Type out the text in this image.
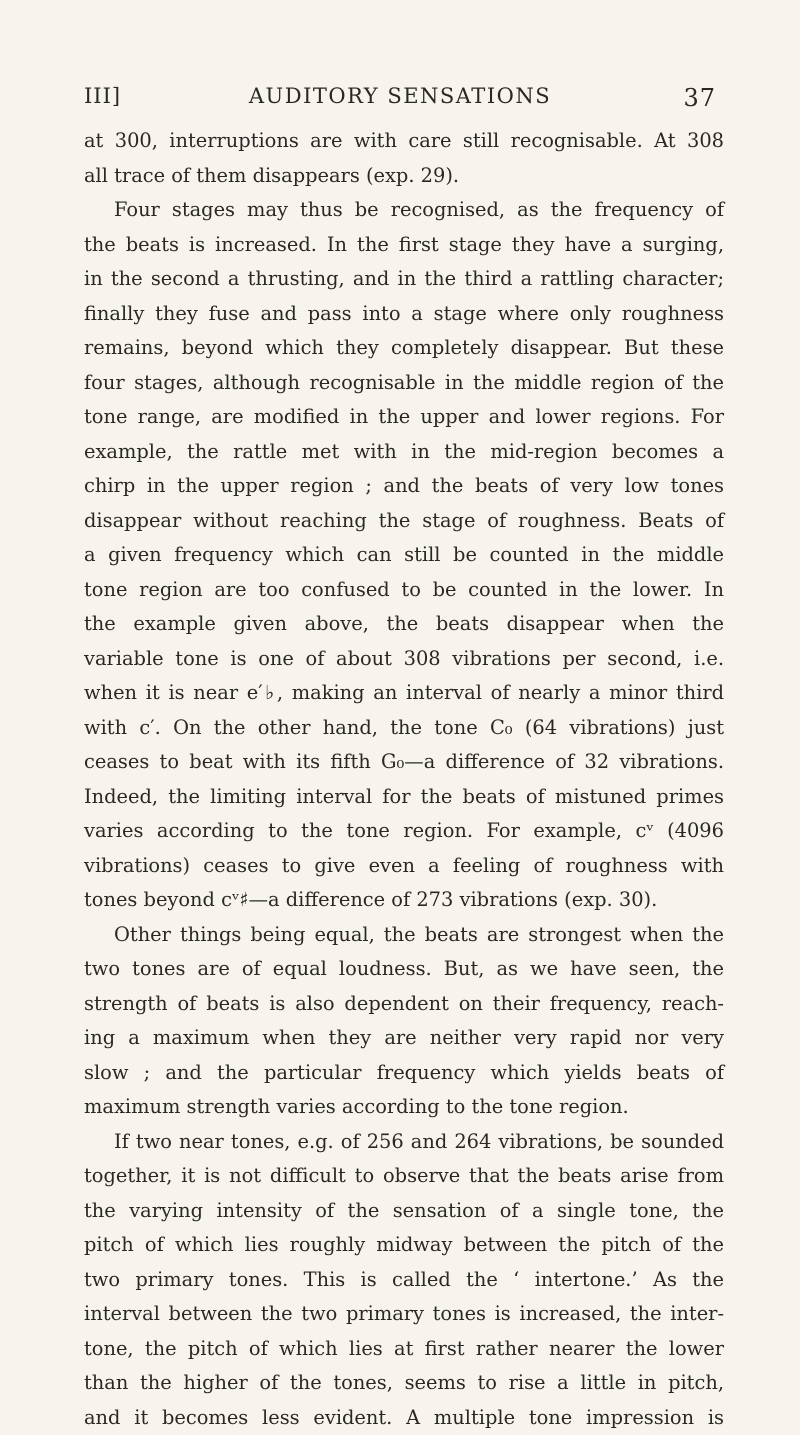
III]	AUDITORY SENSATIONS	37
at 300, interruptions are with care still recognisable. At 308
all trace of them disappears (exp. 29).
Four stages may thus be recognised, as the frequency of
the beats is increased. In the first stage they have a surging,
in the second a thrusting, and in the third a rattling character;
finally they fuse and pass into a stage where only roughness
remains, beyond which they completely disappear. But these
four stages, although recognisable in the middle region of the
tone range, are modified in the upper and lower regions. For
example, the rattle met with in the mid-region becomes a
chirp in the upper region ; and the beats of very low tones
disappear without reaching the stage of roughness. Beats of
a given frequency which can still be counted in the middle
tone region are too confused to be counted in the lower. In
the example given above, the beats disappear when the
variable tone is one of about 308 vibrations per second, i.e.
when it is near e′♭, making an interval of nearly a minor third
with c′. On the other hand, the tone C₀ (64 vibrations) just
ceases to beat with its fifth G₀—a difference of 32 vibrations.
Indeed, the limiting interval for the beats of mistuned primes
varies according to the tone region. For example, cᵛ (4096
vibrations) ceases to give even a feeling of roughness with
tones beyond cᵛ♯—a difference of 273 vibrations (exp. 30).
Other things being equal, the beats are strongest when the
two tones are of equal loudness. But, as we have seen, the
strength of beats is also dependent on their frequency, reach-
ing a maximum when they are neither very rapid nor very
slow ; and the particular frequency which yields beats of
maximum strength varies according to the tone region.
If two near tones, e.g. of 256 and 264 vibrations, be sounded
together, it is not difficult to observe that the beats arise from
the varying intensity of the sensation of a single tone, the
pitch of which lies roughly midway between the pitch of the
two primary tones. This is called the ‘ intertone.’ As the
interval between the two primary tones is increased, the inter-
tone, the pitch of which lies at first rather nearer the lower
than the higher of the tones, seems to rise a little in pitch,
and it becomes less evident. A multiple tone impression is
